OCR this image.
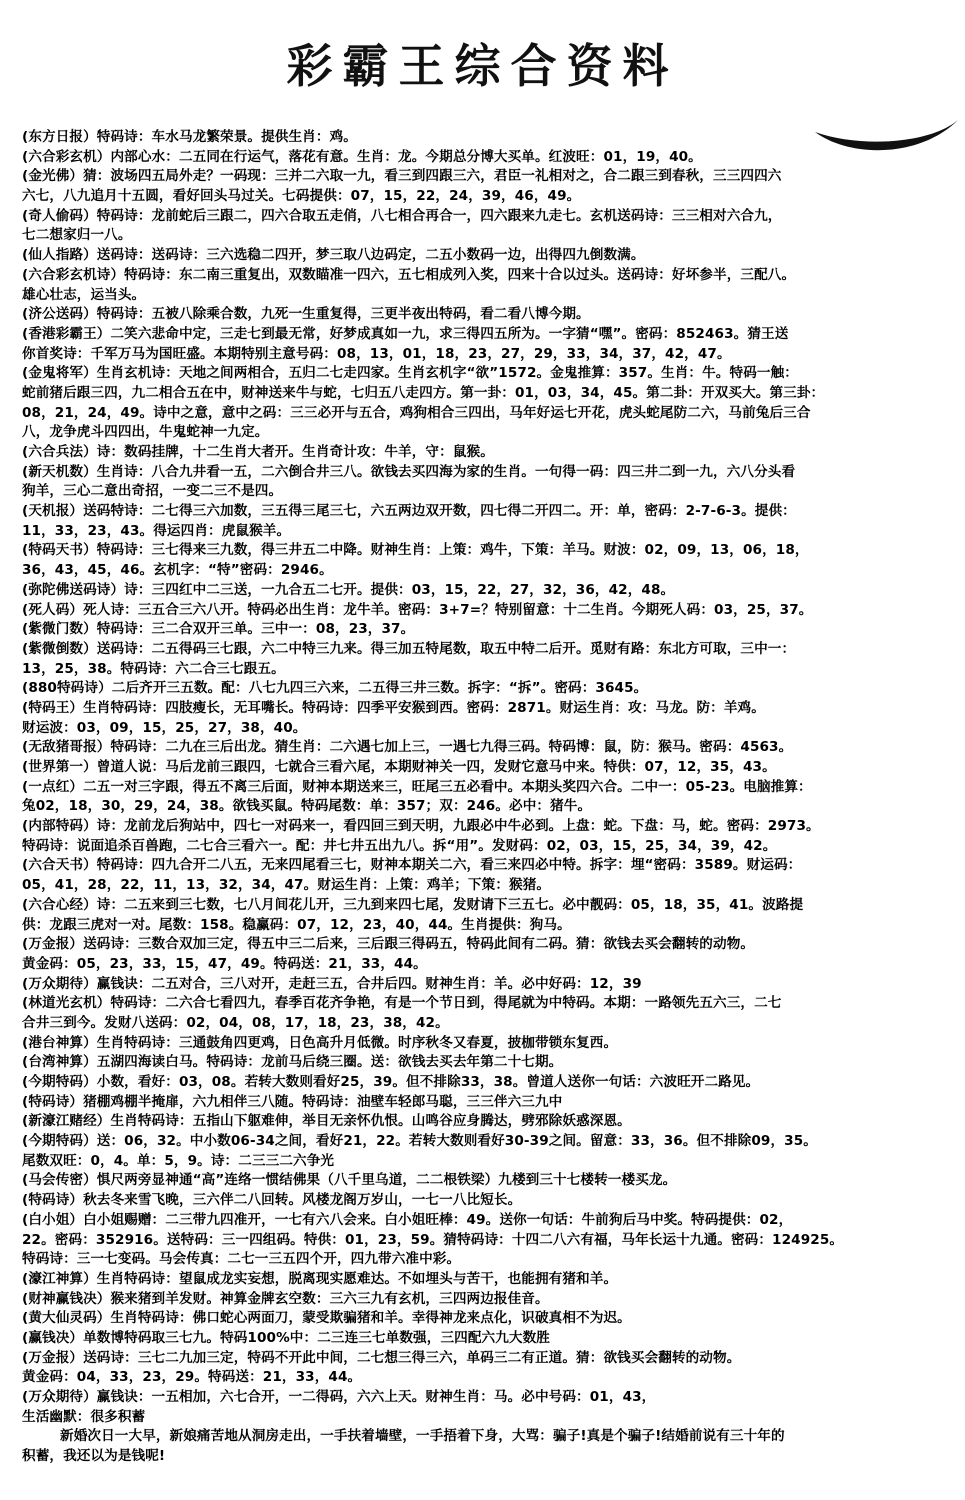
彩霸王综合资料
(东方日报）特码诗：车水马龙繁荣景。提供生肖：鸡。
(六合彩玄机）内部心水：二五同在行运气，落花有意。生肖：龙。今期总分博大买单。红波旺：01，19，40。
(金光佛）猜：波场四五局外走？一码现：三并二六取一九，看三到四跟三六，君臣一礼相对之，合二跟三到春秋，三三四四六
六七，八九追月十五圆，看好回头马过关。七码提供：07，15，22，24，39，46，49。
(奇人偷码）特码诗：龙前蛇后三跟二，四六合取五走俏，八七相合再合一，四六跟来九走七。玄机送码诗：三三相对六合九，
七二想家归一八。
(仙人指路）送码诗：送码诗：三六选稳二四开，梦三取八边码定，二五小数码一边，出得四九倒数满。
(六合彩玄机诗）特码诗：东二南三重复出，双数瞄准一四六，五七相成列入奖，四来十合以过头。送码诗：好坏参半，三配八。
雄心壮志，运当头。
(济公送码）特码诗：五被八除乘合数，九死一生重复得，三更半夜出特码，看二看八博今期。
(香港彩霸王）二笑六悲命中定，三走七到最无常，好梦成真如一九，求三得四五所为。一字猜“嘿”。密码：852463。猜王送
你首奖诗：千军万马为国旺盛。本期特别主意号码：08，13，01，18，23，27，29，33，34，37，42，47。
(金鬼将军）生肖玄机诗：天地之间两相合，五归二七走四家。生肖玄机字“欲”1572。金鬼推算：357。生肖：牛。特码一触：
蛇前猪后跟三四，九二相合五在中，财神送来牛与蛇，七归五八走四方。第一卦：01，03，34，45。第二卦：开双买大。第三卦：
08，21，24，49。诗中之意，意中之码：三三必开与五合，鸡狗相合三四出，马年好运七开花，虎头蛇尾防二六，马前兔后三合
八，龙争虎斗四四出，牛鬼蛇神一九定。
(六合兵法）诗：数码挂牌，十二生肖大者开。生肖奇计攻：牛羊，守：鼠猴。
(新天机数）生肖诗：八合九井看一五，二六倒合井三八。欲钱去买四海为家的生肖。一句得一码：四三井二到一九，六八分头看
狗羊，三心二意出奇招，一变二三不是四。
(天机报）送码特诗：二七得三六加数，三五得三尾三七，六五两边双开数，四七得二开四二。开：单，密码：2-7-6-3。提供：
11，33，23，43。得运四肖：虎鼠猴羊。
(特码天书）特码诗：三七得来三九数，得三井五二中降。财神生肖：上策：鸡牛，下策：羊马。财波：02，09，13，06，18，
36，43，45，46。玄机字：“特”密码：2946。
(弥陀佛送码诗）诗：三四红中二三送，一九合五二七开。提供：03，15，22，27，32，36，42，48。
(死人码）死人诗：三五合三六八开。特码必出生肖：龙牛羊。密码：3+7=？特别留意：十二生肖。今期死人码：03，25，37。
(紫微门数）特码诗：三二合双开三单。三中一：08，23，37。
(紫微倒数）送码诗：二五得码三七跟，六二中特三九来。得三加五特尾数，取五中特二后开。觅财有路：东北方可取，三中一：
13，25，38。特码诗：六二合三七跟五。
(880特码诗）二后齐开三五数。配：八七九四三六来，二五得三井三数。拆字：“拆”。密码：3645。
(特码王）生肖特码诗：四肢瘦长，无耳嘴长。特码诗：四季平安猴到西。密码：2871。财运生肖：攻：马龙。防：羊鸡。
财运波：03，09，15，25，27，38，40。
(无敌猪哥报）特码诗：二九在三后出龙。猜生肖：二六遇七加上三，一遇七九得三码。特码博：鼠，防：猴马。密码：4563。
(世界第一）曾道人说：马后龙前三跟四，七就合三看六尾，本期财神关一四，发财它意马中来。特供：07，12，35，43。
(一点红）二五一对三字跟，得五不离三后面，财神本期送来三，旺尾三五必看中。本期头奖四六合。二中一：05-23。电脑推算：
兔02，18，30，29，24，38。欲钱买鼠。特码尾数：单：357；双：246。必中：猪牛。
(内部特码）诗：龙前龙后狗站中，四七一对码来一，看四回三到天明，九跟必中牛必到。上盘：蛇。下盘：马，蛇。密码：2973。
特码诗：说面追杀百兽跑，二七合三看六一。配：井七井五出九八。拆“用”。发财码：02，03，15，25，34，39，42。
(六合天书）特码诗：四九合开二八五，无来四尾看三七，财神本期关二六，看三来四必中特。拆字：埋“密码：3589。财运码：
05，41，28，22，11，13，32，34，47。财运生肖：上策：鸡羊；下策：猴猪。
(六合心经）诗：二五来到三七数，七八月间花儿开，三九到来四七尾，发财请下三五七。必中靓码：05，18，35，41。波路提
供：龙跟三虎对一对。尾数：158。稳赢码：07，12，23，40，44。生肖提供：狗马。
(万金报）送码诗：三数合双加三定，得五中三二后来，三后跟三得码五，特码此间有二码。猜：欲钱去买会翻转的动物。
黄金码：05，23，33，15，47，49。特码送：21，33，44。
(万众期待）赢钱诀：二五对合，三八对开，走赶三五，合井后四。财神生肖：羊。必中好码：12，39
(林道光玄机）特码诗：二六合七看四九，春季百花齐争艳，有是一个节日到，得尾就为中特码。本期：一路领先五六三，二七
合井三到今。发财八送码：02，04，08，17，18，23，38，42。
(港台神算）生肖特码诗：三通鼓角四更鸡，日色高升月低微。时序秋冬又春夏，披枷带锁东复西。
(台湾神算）五湖四海读白马。特码诗：龙前马后绕三圈。送：欲钱去买去年第二十七期。
(今期特码）小数，看好：03，08。若转大数则看好25，39。但不排除33，38。曾道人送你一句话：六波旺开二路见。
(特码诗）猪棚鸡棚半掩扉，六九相伴三八随。特码诗：油壁车轻郎马聪，三三伴六三九中
(新濠江赌经）生肖特码诗：五指山下躯难伸，举目无亲怀仇恨。山鸣谷应身腾达，劈邪除妖惑深恩。
(今期特码）送：06，32。中小数06-34之间，看好21，22。若转大数则看好30-39之间。留意：33，36。但不排除09，35。
尾数双旺：0，4。单：5，9。诗：二三三二六争光
(马会传密）惧尺两旁显神通“高”连络一惯结佛果（八千里乌道，二二根铁梁）九楼到三十七楼转一楼买龙。
(特码诗）秋去冬来雪飞晚，三六伴二八回转。风楼龙阁万岁山，一七一八比短长。
(白小姐）白小姐赐赠：二三带九四准开，一七有六八会来。白小姐旺棒：49。送你一句话：牛前狗后马中奖。特码提供：02，
22。密码：352916。送特码：三一四组码。特供：01，23，59。猜特码诗：十四二八六有福，马年长运十九通。密码：124925。
特码诗：三一七变码。马会传真：二七一三五四个开，四九带六准中彩。
(濠江神算）生肖特码诗：望鼠成龙实妄想，脱离现实愿难达。不如埋头与苦干，也能拥有猪和羊。
(财神赢钱决）猴来猪到羊发财。神算金牌玄空数：三六三九有玄机，三四两边报佳音。
(黄大仙灵码）生肖特码诗：佛口蛇心两面刀，蒙受欺骗猪和羊。幸得神龙来点化，识破真相不为迟。
(赢钱决）单数博特码取三七九。特码100%中：二三连三七单数强，三四配六九大数胜
(万金报）送码诗：三七二九加三定，特码不开此中间，二七想三得三六，单码三二有正道。猜：欲钱买会翻转的动物。
黄金码：04，33，23，29。特码送：21，33，44。
(万众期待）赢钱诀：一五相加，六七合开，一二得码，六六上天。财神生肖：马。必中号码：01，43，
生活幽默：很多积蓄
新婚次日一大早，新娘痛苦地从洞房走出，一手扶着墙壁，一手捂着下身，大骂：骗子!真是个骗子!结婚前说有三十年的
积蓄，我还以为是钱呢!
